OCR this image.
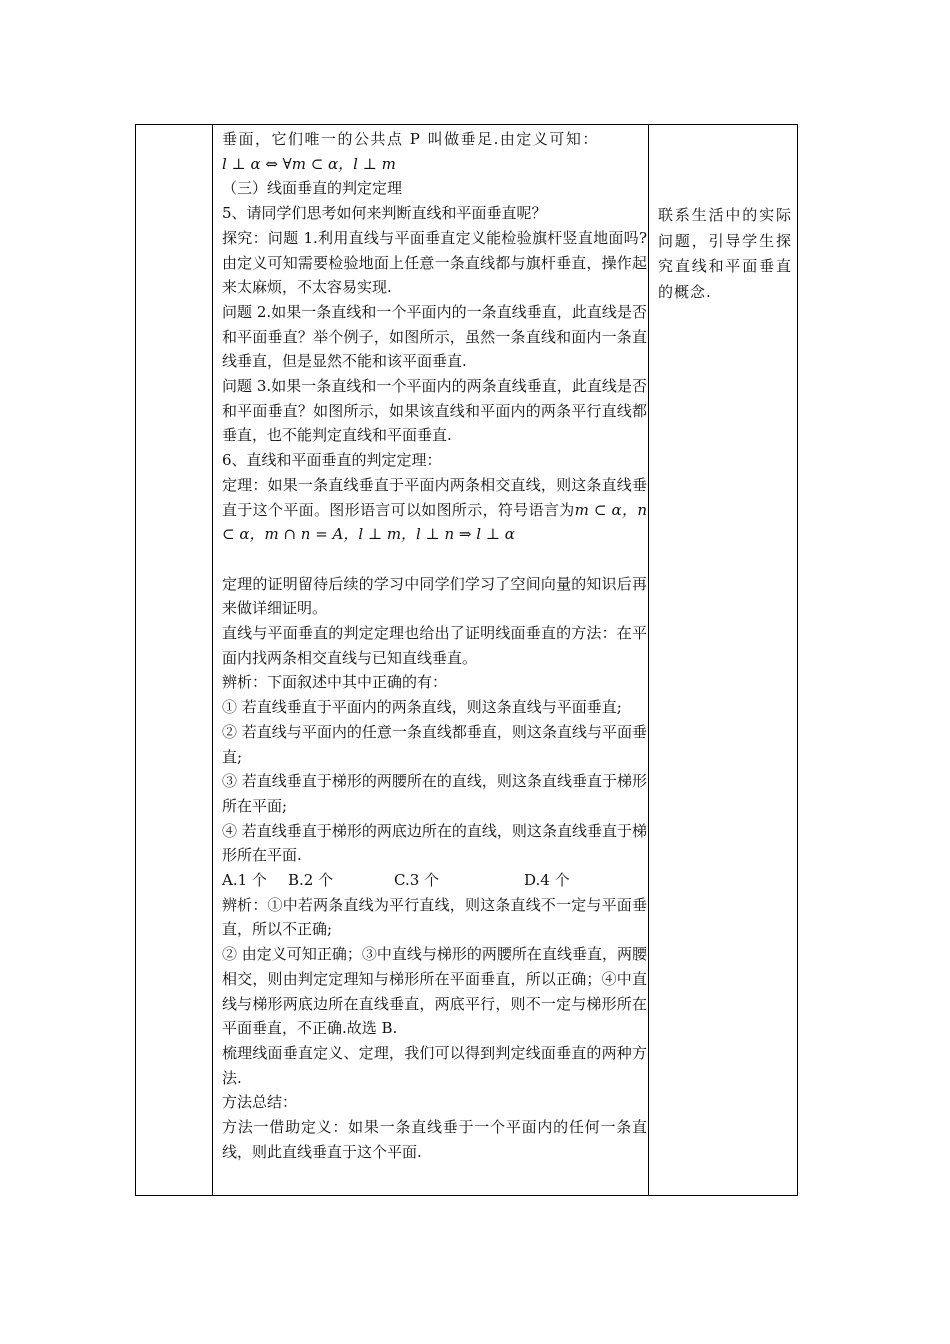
垂面，它们唯一的公共点 P 叫做垂足.由定义可知：

l ⊥ α ⇔ ∀m ⊂ α，l ⊥ m

（三）线面垂直的判定定理

5、请同学们思考如何来判断直线和平面垂直呢？

探究：问题 1.利用直线与平面垂直定义能检验旗杆竖直地面吗?由定义可知需要检验地面上任意一条直线都与旗杆垂直，操作起来太麻烦，不太容易实现.

问题 2.如果一条直线和一个平面内的一条直线垂直，此直线是否和平面垂直？举个例子，如图所示，虽然一条直线和面内一条直线垂直，但是显然不能和该平面垂直.

问题 3.如果一条直线和一个平面内的两条直线垂直，此直线是否和平面垂直？如图所示，如果该直线和平面内的两条平行直线都垂直，也不能判定直线和平面垂直.

6、直线和平面垂直的判定定理：

定理：如果一条直线垂直于平面内两条相交直线，则这条直线垂直于这个平面。图形语言可以如图所示，符号语言为m ⊂ α，n ⊂ α，m ∩ n = A，l ⊥ m，l ⊥ n ⇒ l ⊥ α

定理的证明留待后续的学习中同学们学习了空间向量的知识后再来做详细证明。

直线与平面垂直的判定定理也给出了证明线面垂直的方法：在平面内找两条相交直线与已知直线垂直。

辨析：下面叙述中其中正确的有：

① 若直线垂直于平面内的两条直线，则这条直线与平面垂直;

② 若直线与平面内的任意一条直线都垂直，则这条直线与平面垂直;

③ 若直线垂直于梯形的两腰所在的直线，则这条直线垂直于梯形所在平面;

④ 若直线垂直于梯形的两底边所在的直线，则这条直线垂直于梯形所在平面.

A.1 个 B.2 个	C.3 个	D.4 个

辨析：①中若两条直线为平行直线，则这条直线不一定与平面垂直，所以不正确;

② 由定义可知正确；③中直线与梯形的两腰所在直线垂直，两腰相交，则由判定定理知与梯形所在平面垂直，所以正确；④中直线与梯形两底边所在直线垂直，两底平行，则不一定与梯形所在平面垂直，不正确.故选 B.

梳理线面垂直定义、定理，我们可以得到判定线面垂直的两种方法.

方法总结：

方法一借助定义：如果一条直线垂于一个平面内的任何一条直线，则此直线垂直于这个平面.

联系生活中的实际问题，引导学生探究直线和平面垂直的概念.
